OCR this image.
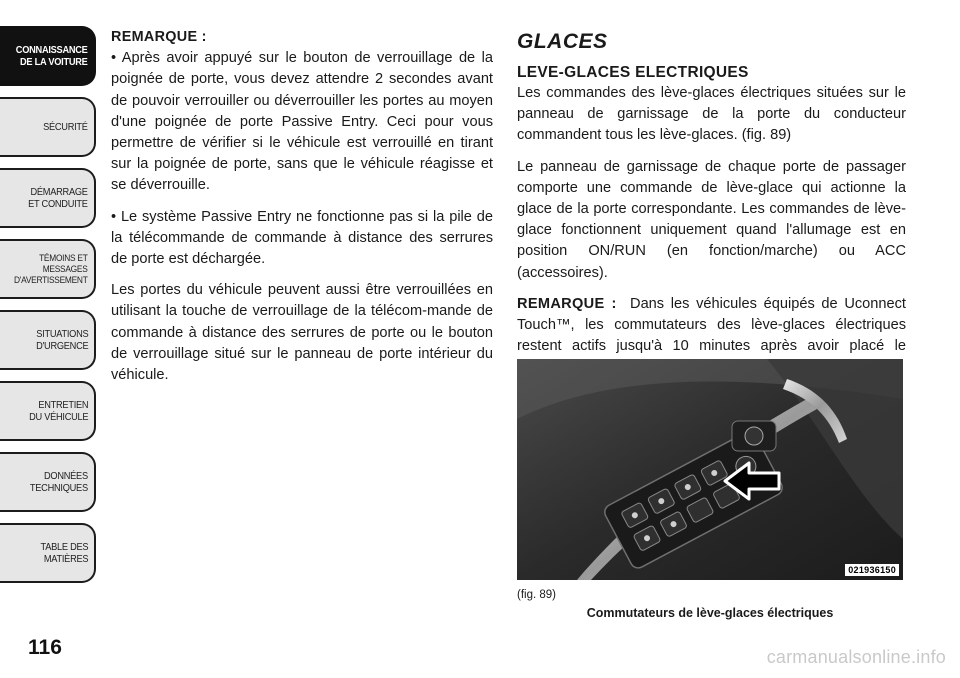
CONNAISSANCE
DE LA VOITURE
SÉCURITÉ
DÉMARRAGE
ET CONDUITE
TÉMOINS ET
MESSAGES
D'AVERTISSEMENT
SITUATIONS
D'URGENCE
ENTRETIEN
DU VÉHICULE
DONNÉES
TECHNIQUES
TABLE DES
MATIÈRES
116
REMARQUE :

• Après avoir appuyé sur le bouton de verrouillage de la poignée de porte, vous devez attendre 2 secondes avant de pouvoir verrouiller ou déverrouiller les portes au moyen d'une poignée de porte Passive Entry. Ceci pour vous permettre de vérifier si le véhicule est verrouillé en tirant sur la poignée de porte, sans que le véhicule réagisse et se déverrouille.

• Le système Passive Entry ne fonctionne pas si la pile de la télécommande de commande à distance des serrures de porte est déchargée.

Les portes du véhicule peuvent aussi être verrouillées en utilisant la touche de verrouillage de la télécom-mande de commande à distance des serrures de porte ou le bouton de verrouillage situé sur le panneau de porte intérieur du véhicule.

GLACES
LEVE-GLACES ELECTRIQUES

Les commandes des lève-glaces électriques situées sur le panneau de garnissage de la porte du conducteur commandent tous les lève-glaces. (fig. 89)

Le panneau de garnissage de chaque porte de passager comporte une commande de lève-glace qui actionne la glace de la porte correspondante. Les commandes de lève-glace fonctionnent uniquement quand l'allumage est en position ON/RUN (en fonction/marche) ou ACC (accessoires).

REMARQUE : Dans les véhicules équipés de Uconnect Touch™, les commutateurs des lève-glaces électriques restent actifs jusqu'à 10 minutes après avoir placé le

021936150
(fig. 89)
Commutateurs de lève-glaces électriques
carmanualsonline.info
